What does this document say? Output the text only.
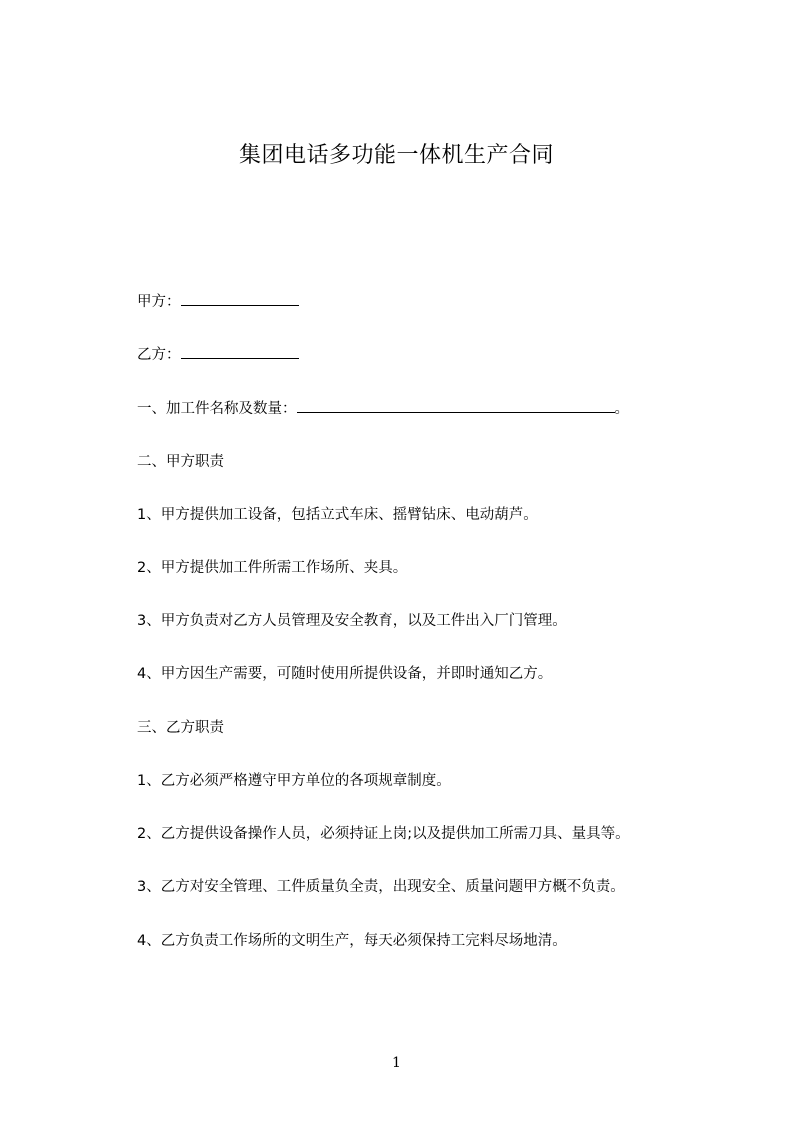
集团电话多功能一体机生产合同
甲方：
乙方：
一、加工件名称及数量：	。
二、甲方职责
1、甲方提供加工设备，包括立式车床、摇臂钻床、电动葫芦。
2、甲方提供加工件所需工作场所、夹具。
3、甲方负责对乙方人员管理及安全教育，以及工件出入厂门管理。
4、甲方因生产需要，可随时使用所提供设备，并即时通知乙方。
三、乙方职责
1、乙方必须严格遵守甲方单位的各项规章制度。
2、乙方提供设备操作人员，必须持证上岗;以及提供加工所需刀具、量具等。
3、乙方对安全管理、工件质量负全责，出现安全、质量问题甲方概不负责。
4、乙方负责工作场所的文明生产，每天必须保持工完料尽场地清。
1
